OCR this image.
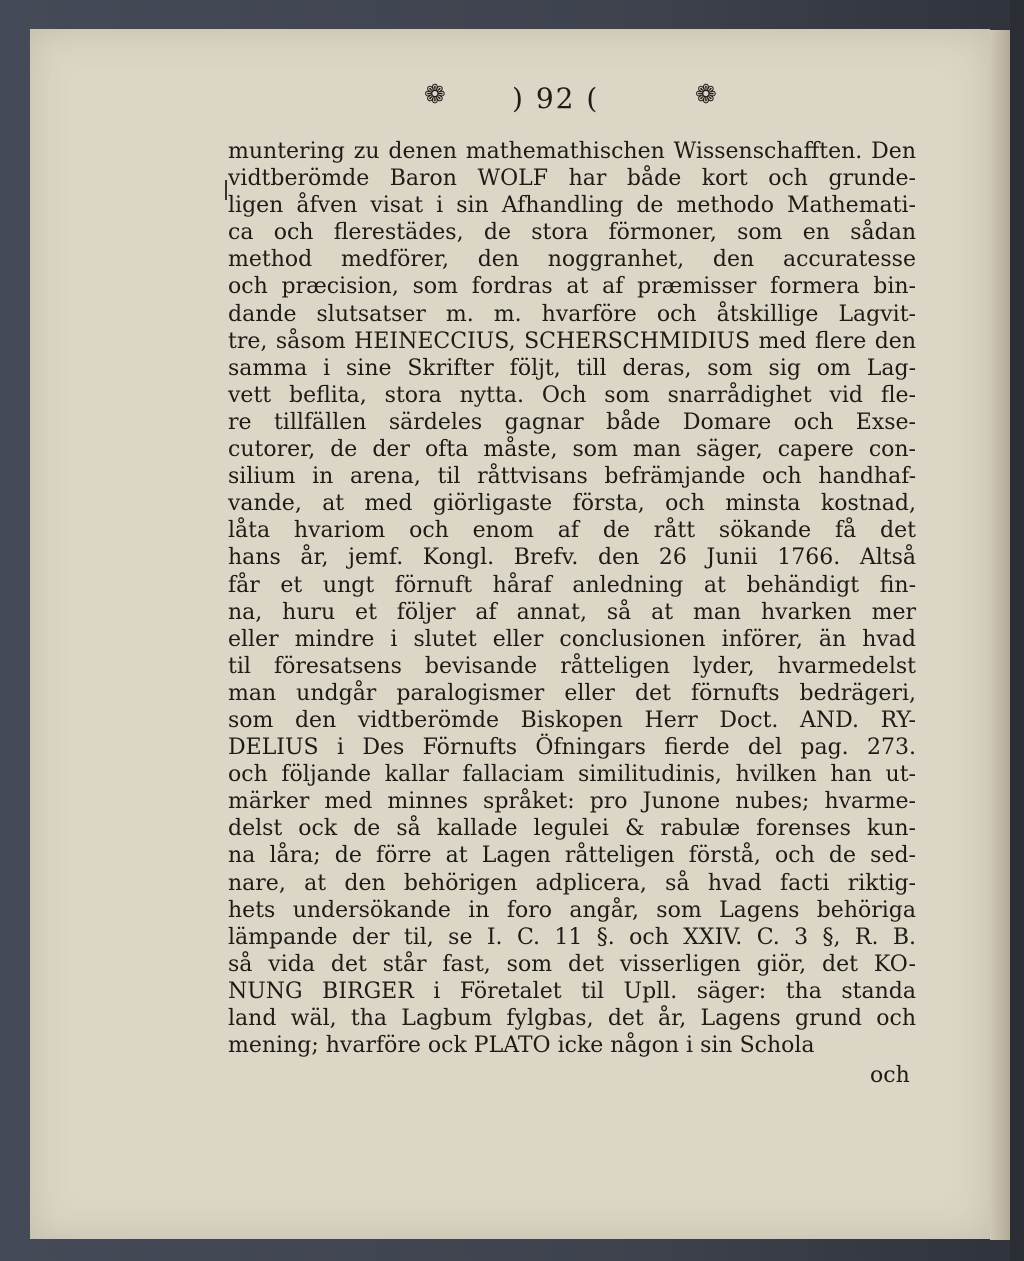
❁ ) 92 (	❁
muntering zu denen mathemathischen Wissenschafften. Den
vidtberömde Baron WOLF har både kort och grunde-
ligen åfven visat i sin Afhandling de methodo Mathemati-
ca och flerestädes, de stora förmoner, som en sådan
method medförer, den noggranhet, den accuratesse
och præcision, som fordras at af præmisser formera bin-
dande slutsatser m. m. hvarföre och åtskillige Lagvit-
tre, såsom HEINECCIUS, SCHERSCHMIDIUS med flere den
samma i sine Skrifter följt, till deras, som sig om Lag-
vett beflita, stora nytta. Och som snarrådighet vid fle-
re tillfällen särdeles gagnar både Domare och Exse-
cutorer, de der ofta måste, som man säger, capere con-
silium in arena, til råttvisans befrämjande och handhaf-
vande, at med giörligaste första, och minsta kostnad,
låta hvariom och enom af de rått sökande få det
hans år, jemf. Kongl. Brefv. den 26 Junii 1766. Altså
får et ungt förnuft håraf anledning at behändigt fin-
na, huru et följer af annat, så at man hvarken mer
eller mindre i slutet eller conclusionen införer, än hvad
til föresatsens bevisande råtteligen lyder, hvarmedelst
man undgår paralogismer eller det förnufts bedrägeri,
som den vidtberömde Biskopen Herr Doct. AND. RY-
DELIUS i Des Förnufts Öfningars fierde del pag. 273.
och följande kallar fallaciam similitudinis, hvilken han ut-
märker med minnes språket: pro Junone nubes; hvarme-
delst ock de så kallade legulei & rabulæ forenses kun-
na låra; de förre at Lagen råtteligen förstå, och de sed-
nare, at den behörigen adplicera, så hvad facti riktig-
hets undersökande in foro angår, som Lagens behöriga
lämpande der til, se I. C. 11 §. och XXIV. C. 3 §, R. B.
så vida det står fast, som det visserligen giör, det KO-
NUNG BIRGER i Företalet til Upll. säger: tha standa
land wäl, tha Lagbum fylgbas, det år, Lagens grund och
mening; hvarföre ock PLATO icke någon i sin Schola
och
